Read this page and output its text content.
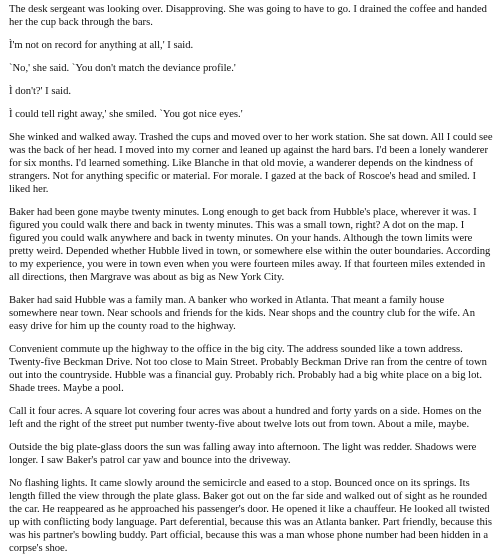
The desk sergeant was looking over. Disapproving. She was going to have to go. I drained the coffee and handed her the cup back through the bars.

Ì'm not on record for anything at all,' I said.

`No,' she said. `You don't match the deviance profile.'

Ì don't?' I said.

Ì could tell right away,' she smiled. `You got nice eyes.'

She winked and walked away. Trashed the cups and moved over to her work station. She sat down. All I could see was the back of her head. I moved into my corner and leaned up against the hard bars. I'd been a lonely wanderer for six months. I'd learned something. Like Blanche in that old movie, a wanderer depends on the kindness of strangers. Not for anything specific or material. For morale. I gazed at the back of Roscoe's head and smiled. I liked her.

Baker had been gone maybe twenty minutes. Long enough to get back from Hubble's place, wherever it was. I figured you could walk there and back in twenty minutes. This was a small town, right? A dot on the map. I figured you could walk anywhere and back in twenty minutes. On your hands. Although the town limits were pretty weird. Depended whether Hubble lived in town, or somewhere else within the outer boundaries. According to my experience, you were in town even when you were fourteen miles away. If that fourteen miles extended in all directions, then Margrave was about as big as New York City.

Baker had said Hubble was a family man. A banker who worked in Atlanta. That meant a family house somewhere near town. Near schools and friends for the kids. Near shops and the country club for the wife. An easy drive for him up the county road to the highway.

Convenient commute up the highway to the office in the big city. The address sounded like a town address. Twenty-five Beckman Drive. Not too close to Main Street. Probably Beckman Drive ran from the centre of town out into the countryside. Hubble was a financial guy. Probably rich. Probably had a big white place on a big lot. Shade trees. Maybe a pool.

Call it four acres. A square lot covering four acres was about a hundred and forty yards on a side. Homes on the left and the right of the street put number twenty-five about twelve lots out from town. About a mile, maybe.

Outside the big plate-glass doors the sun was falling away into afternoon. The light was redder. Shadows were longer. I saw Baker's patrol car yaw and bounce into the driveway.

No flashing lights. It came slowly around the semicircle and eased to a stop. Bounced once on its springs. Its length filled the view through the plate glass. Baker got out on the far side and walked out of sight as he rounded the car. He reappeared as he approached his passenger's door. He opened it like a chauffeur. He looked all twisted up with conflicting body language. Part deferential, because this was an Atlanta banker. Part friendly, because this was his partner's bowling buddy. Part official, because this was a man whose phone number had been hidden in a corpse's shoe.
